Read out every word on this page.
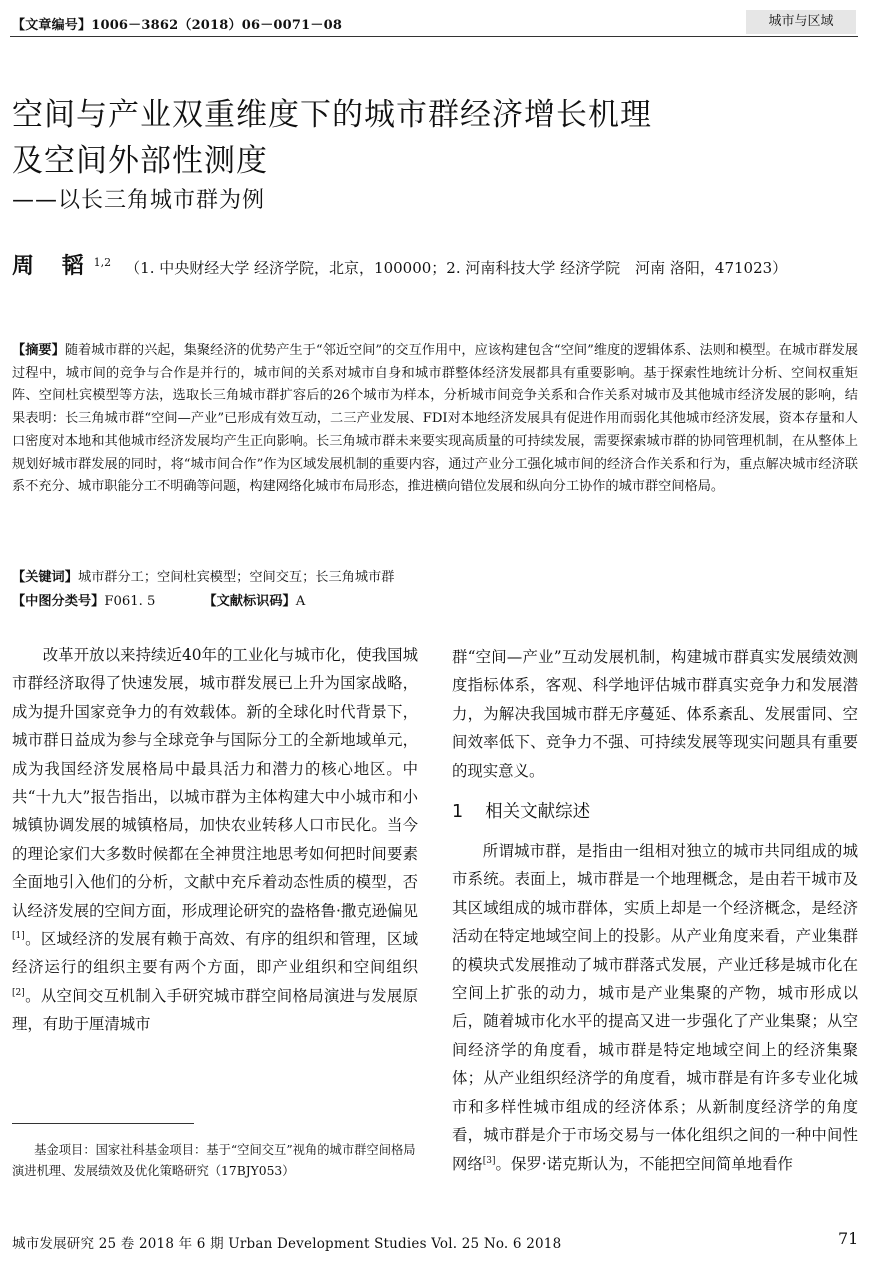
【文章编号】1006－3862（2018）06－0071－08	城市与区域
空间与产业双重维度下的城市群经济增长机理
及空间外部性测度
——以长三角城市群为例
周 韬$^{1,2}$ （1. 中央财经大学 经济学院，北京，100000；2. 河南科技大学 经济学院　河南 洛阳，471023）
【摘要】随着城市群的兴起，集聚经济的优势产生于“邻近空间”的交互作用中，应该构建包含“空间”维度的逻辑体系、法则和模型。在城市群发展过程中，城市间的竞争与合作是并行的，城市间的关系对城市自身和城市群整体经济发展都具有重要影响。基于探索性地统计分析、空间权重矩阵、空间杜宾模型等方法，选取长三角城市群扩容后的26个城市为样本，分析城市间竞争关系和合作关系对城市及其他城市经济发展的影响，结果表明：长三角城市群“空间—产业”已形成有效互动，二三产业发展、FDI对本地经济发展具有促进作用而弱化其他城市经济发展，资本存量和人口密度对本地和其他城市经济发展均产生正向影响。长三角城市群未来要实现高质量的可持续发展，需要探索城市群的协同管理机制，在从整体上规划好城市群发展的同时，将“城市间合作”作为区域发展机制的重要内容，通过产业分工强化城市间的经济合作关系和行为，重点解决城市经济联系不充分、城市职能分工不明确等问题，构建网络化城市布局形态，推进横向错位发展和纵向分工协作的城市群空间格局。
【关键词】城市群分工；空间杜宾模型；空间交互；长三角城市群
【中图分类号】F061. 5	【文献标识码】A

改革开放以来持续近40年的工业化与城市化，使我国城市群经济取得了快速发展，城市群发展已上升为国家战略，成为提升国家竞争力的有效载体。新的全球化时代背景下，城市群日益成为参与全球竞争与国际分工的全新地域单元，成为我国经济发展格局中最具活力和潜力的核心地区。中共“十九大”报告指出，以城市群为主体构建大中小城市和小城镇协调发展的城镇格局，加快农业转移人口市民化。当今的理论家们大多数时候都在全神贯注地思考如何把时间要素全面地引入他们的分析，文献中充斥着动态性质的模型，否认经济发展的空间方面，形成理论研究的盎格鲁·撒克逊偏见[1]。区域经济的发展有赖于高效、有序的组织和管理，区域经济运行的组织主要有两个方面，即产业组织和空间组织[2]。从空间交互机制入手研究城市群空间格局演进与发展原理，有助于厘清城市

群“空间—产业”互动发展机制，构建城市群真实发展绩效测度指标体系，客观、科学地评估城市群真实竞争力和发展潜力，为解决我国城市群无序蔓延、体系紊乱、发展雷同、空间效率低下、竞争力不强、可持续发展等现实问题具有重要的现实意义。

1 相关文献综述

所谓城市群，是指由一组相对独立的城市共同组成的城市系统。表面上，城市群是一个地理概念，是由若干城市及其区域组成的城市群体，实质上却是一个经济概念，是经济活动在特定地域空间上的投影。从产业角度来看，产业集群的模块式发展推动了城市群落式发展，产业迁移是城市化在空间上扩张的动力，城市是产业集聚的产物，城市形成以后，随着城市化水平的提高又进一步强化了产业集聚；从空间经济学的角度看，城市群是特定地域空间上的经济集聚体；从产业组织经济学的角度看，城市群是有许多专业化城市和多样性城市组成的经济体系；从新制度经济学的角度看，城市群是介于市场交易与一体化组织之间的一种中间性网络[3]。保罗·诺克斯认为，不能把空间简单地看作

基金项目：国家社科基金项目：基于“空间交互”视角的城市群空间格局演进机理、发展绩效及优化策略研究（17BJY053）

城市发展研究 25 卷 2018 年 6 期 Urban Development Studies Vol. 25 No. 6 2018	71
